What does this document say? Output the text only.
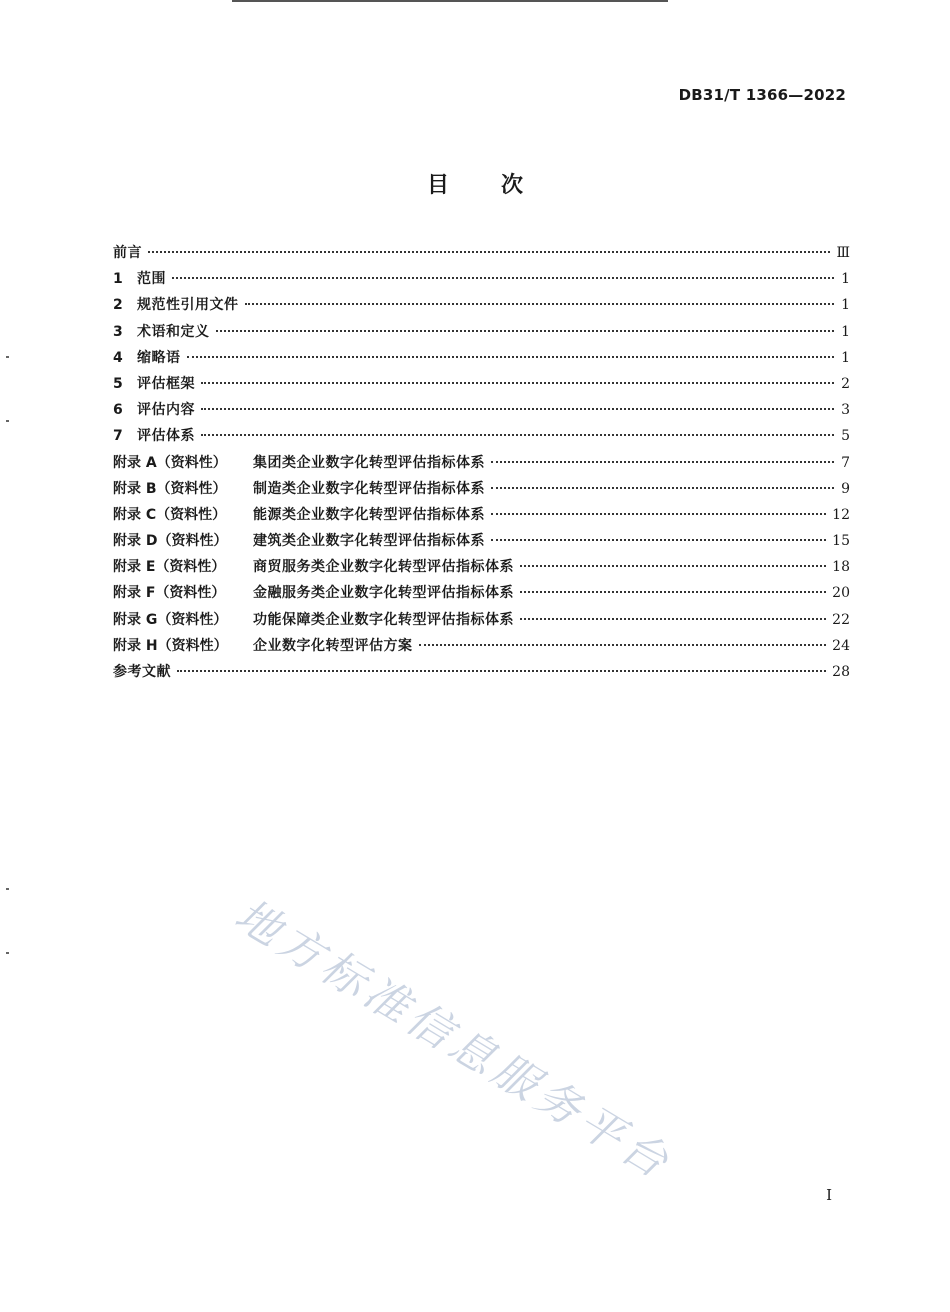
DB31/T 1366—2022
目次
前言	Ⅲ
1	范围	1
2	规范性引用文件	1
3	术语和定义	1
4	缩略语	1
5	评估框架	2
6	评估内容	3
7	评估体系	5
附录 A（资料性）	集团类企业数字化转型评估指标体系	7
附录 B（资料性）	制造类企业数字化转型评估指标体系	9
附录 C（资料性）	能源类企业数字化转型评估指标体系	12
附录 D（资料性）	建筑类企业数字化转型评估指标体系	15
附录 E（资料性）	商贸服务类企业数字化转型评估指标体系	18
附录 F（资料性）	金融服务类企业数字化转型评估指标体系	20
附录 G（资料性）	功能保障类企业数字化转型评估指标体系	22
附录 H（资料性）	企业数字化转型评估方案	24
参考文献	28
地方标准信息服务平台
I
